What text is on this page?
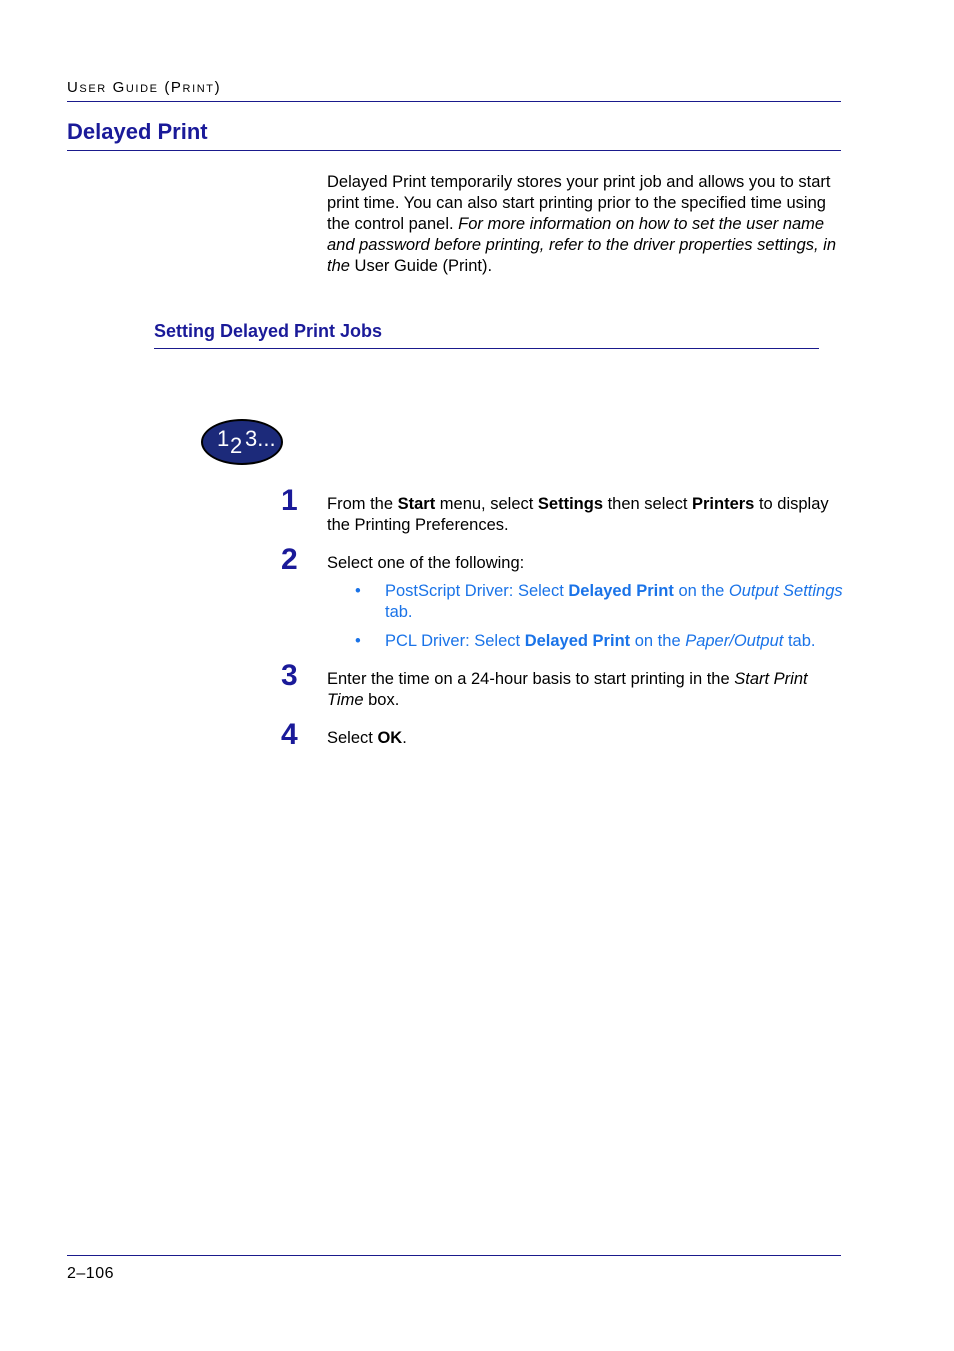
User Guide (Print)
Delayed Print

Delayed Print temporarily stores your print job and allows you to start print time. You can also start printing prior to the specified time using the control panel. For more information on how to set the user name and password before printing, refer to the driver properties settings, in the User Guide (Print).

Setting Delayed Print Jobs
1 2 3...
1 From the Start menu, select Settings then select Printers to display the Printing Preferences.

2 Select one of the following:

• PostScript Driver: Select Delayed Print on the Output Settings tab.
• PCL Driver: Select Delayed Print on the Paper/Output tab.
3 Enter the time on a 24-hour basis to start printing in the Start Print Time box.

4 Select OK.

2–106
